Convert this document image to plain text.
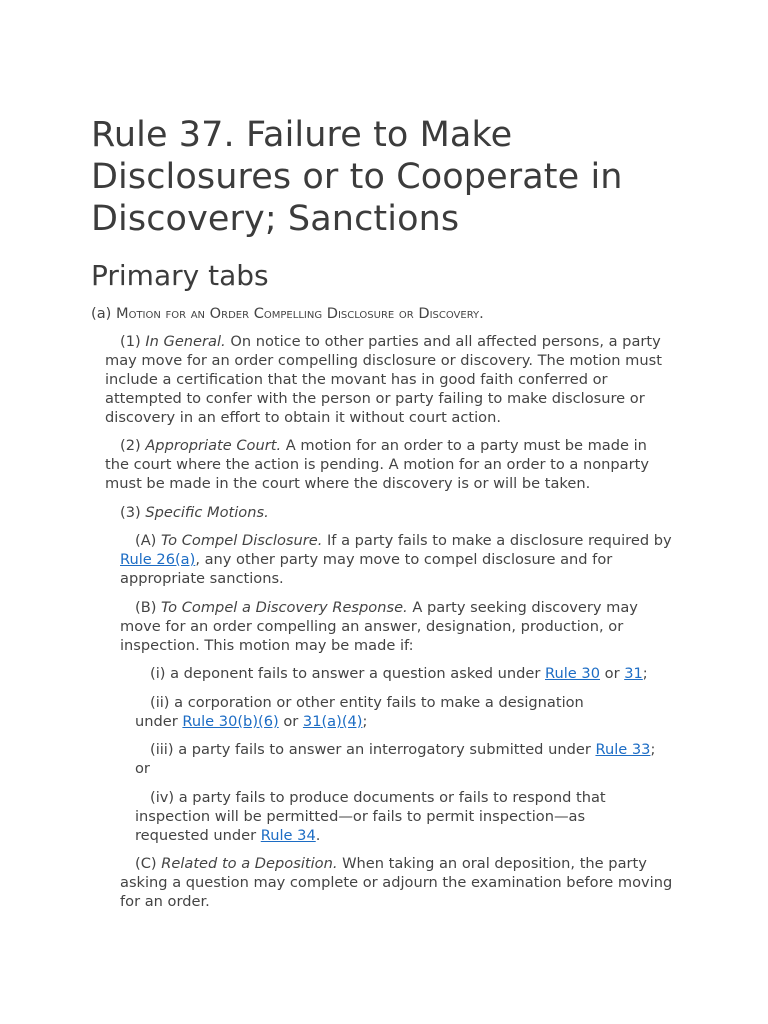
Rule 37. Failure to Make Disclosures or to Cooperate in Discovery; Sanctions
Primary tabs

(a) Motion for an Order Compelling Disclosure or Discovery.

(1) In General. On notice to other parties and all affected persons, a party may move for an order compelling disclosure or discovery. The motion must include a certification that the movant has in good faith conferred or attempted to confer with the person or party failing to make disclosure or discovery in an effort to obtain it without court action.

(2) Appropriate Court. A motion for an order to a party must be made in the court where the action is pending. A motion for an order to a nonparty must be made in the court where the discovery is or will be taken.

(3) Specific Motions.

(A) To Compel Disclosure. If a party fails to make a disclosure required by Rule 26(a), any other party may move to compel disclosure and for appropriate sanctions.

(B) To Compel a Discovery Response. A party seeking discovery may move for an order compelling an answer, designation, production, or inspection. This motion may be made if:

(i) a deponent fails to answer a question asked under Rule 30 or 31;

(ii) a corporation or other entity fails to make a designation under Rule 30(b)(6) or 31(a)(4);

(iii) a party fails to answer an interrogatory submitted under Rule 33; or

(iv) a party fails to produce documents or fails to respond that inspection will be permitted—or fails to permit inspection—as requested under Rule 34.

(C) Related to a Deposition. When taking an oral deposition, the party asking a question may complete or adjourn the examination before moving for an order.
